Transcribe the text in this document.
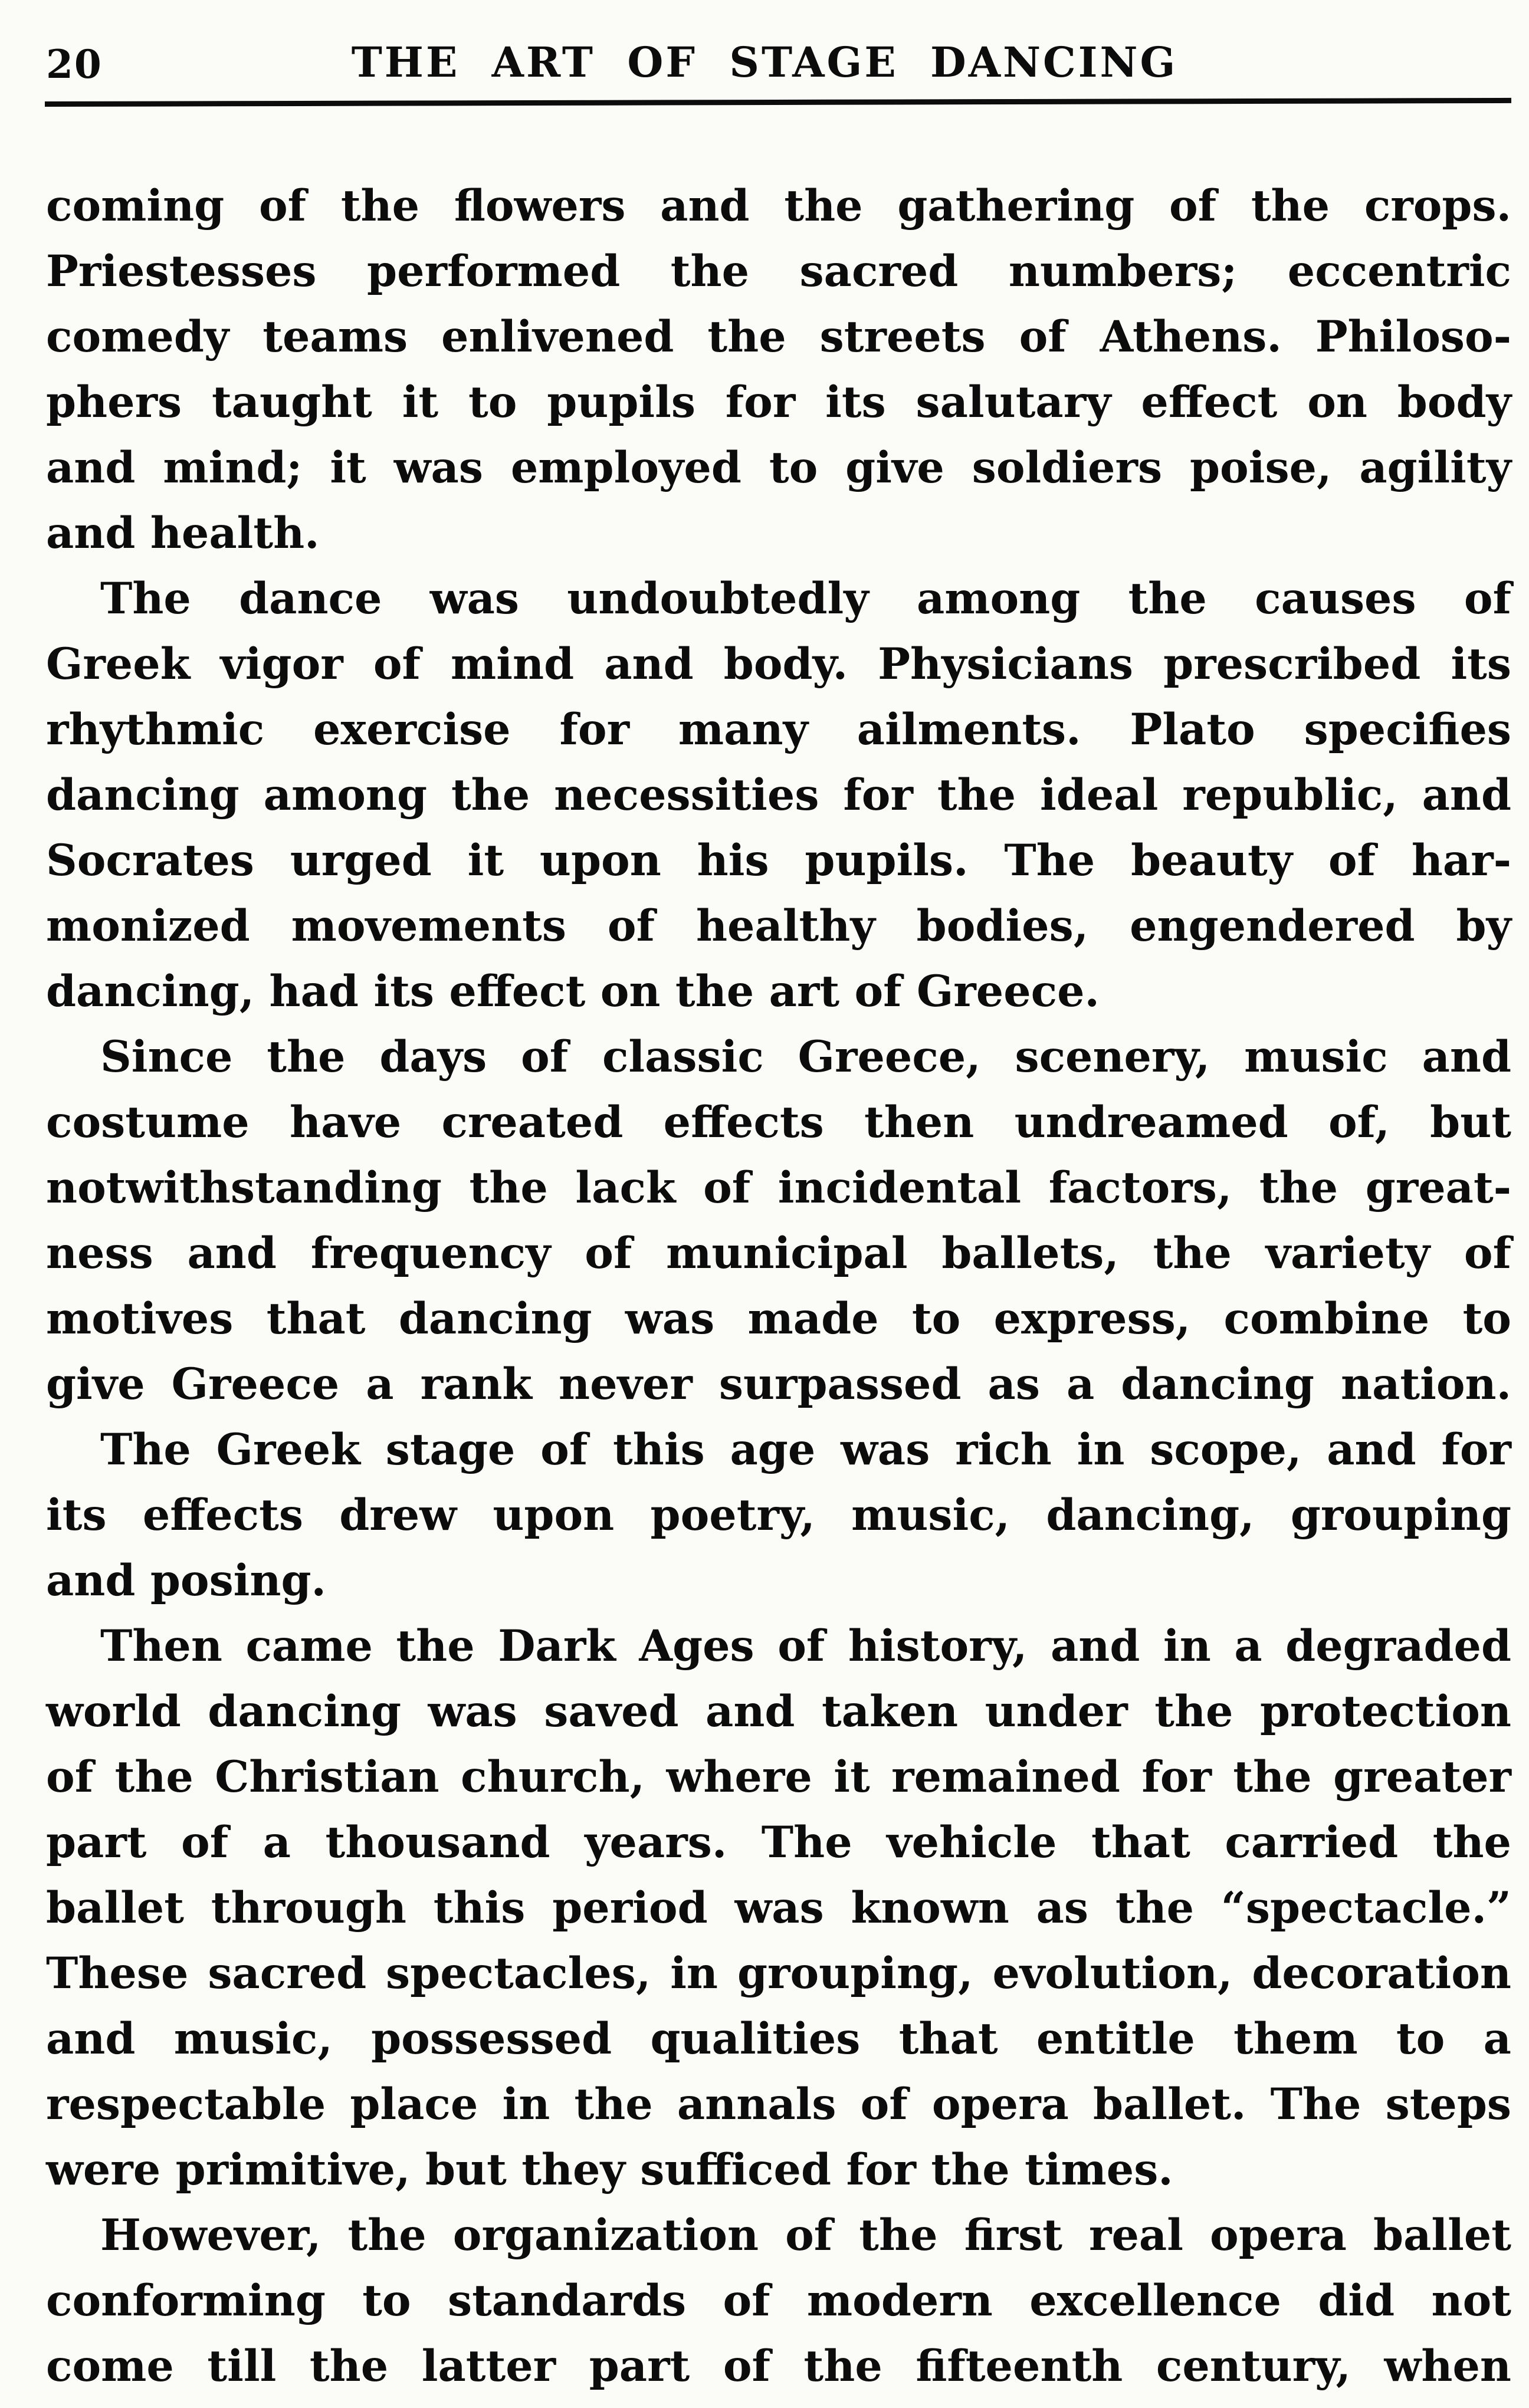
20	THE ART OF STAGE DANCING
coming of the flowers and the gathering of the crops.
Priestesses performed the sacred numbers; eccentric
comedy teams enlivened the streets of Athens. Philoso-
phers taught it to pupils for its salutary effect on body
and mind; it was employed to give soldiers poise, agility
and health.
The dance was undoubtedly among the causes of
Greek vigor of mind and body. Physicians prescribed its
rhythmic exercise for many ailments. Plato specifies
dancing among the necessities for the ideal republic, and
Socrates urged it upon his pupils. The beauty of har-
monized movements of healthy bodies, engendered by
dancing, had its effect on the art of Greece.
Since the days of classic Greece, scenery, music and
costume have created effects then undreamed of, but
notwithstanding the lack of incidental factors, the great-
ness and frequency of municipal ballets, the variety of
motives that dancing was made to express, combine to
give Greece a rank never surpassed as a dancing nation.
The Greek stage of this age was rich in scope, and for
its effects drew upon poetry, music, dancing, grouping
and posing.
Then came the Dark Ages of history, and in a degraded
world dancing was saved and taken under the protection
of the Christian church, where it remained for the greater
part of a thousand years. The vehicle that carried the
ballet through this period was known as the “spectacle.”
These sacred spectacles, in grouping, evolution, decoration
and music, possessed qualities that entitle them to a
respectable place in the annals of opera ballet. The steps
were primitive, but they sufficed for the times.
However, the organization of the first real opera ballet
conforming to standards of modern excellence did not
come till the latter part of the fifteenth century, when
